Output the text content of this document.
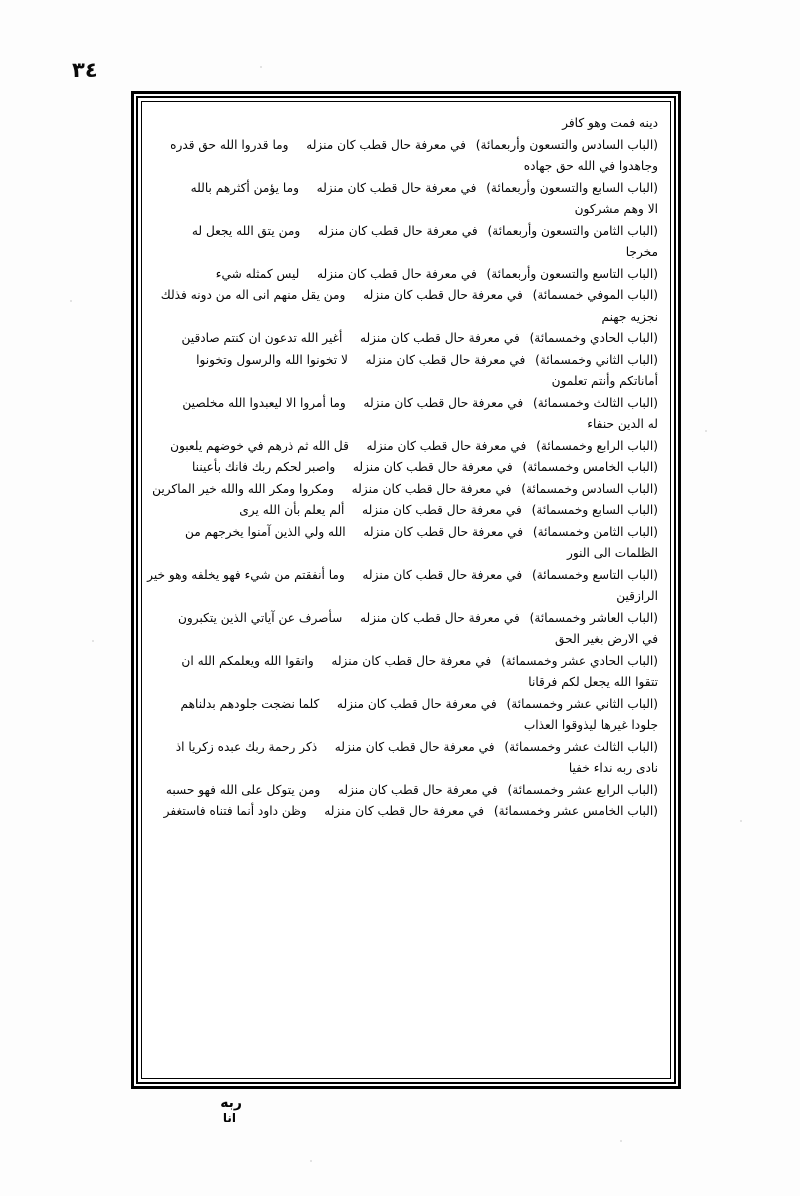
٣٤
دينه فمت وهو كافر
(الباب السادس والتسعون وأربعمائة)في معرفة حال قطب كان منزلهوما قدروا الله حق قدره
وجاهدوا في الله حق جهاده
(الباب السابع والتسعون وأربعمائة)في معرفة حال قطب كان منزلهوما يؤمن أكثرهم بالله
الا وهم مشركون
(الباب الثامن والتسعون وأربعمائة)في معرفة حال قطب كان منزلهومن يتق الله يجعل له
مخرجا
(الباب التاسع والتسعون وأربعمائة)في معرفة حال قطب كان منزلهليس كمثله شيء
(الباب الموفي خمسمائة)في معرفة حال قطب كان منزلهومن يقل منهم انى اله من دونه فذلك
نجزيه جهنم
(الباب الحادي وخمسمائة)في معرفة حال قطب كان منزلهأغير الله تدعون ان كنتم صادقين
(الباب الثاني وخمسمائة)في معرفة حال قطب كان منزلهلا تخونوا الله والرسول وتخونوا
أماناتكم وأنتم تعلمون
(الباب الثالث وخمسمائة)في معرفة حال قطب كان منزلهوما أمروا الا ليعبدوا الله مخلصين
له الدين حنفاء
(الباب الرابع وخمسمائة)في معرفة حال قطب كان منزلهقل الله ثم ذرهم في خوضهم يلعبون
(الباب الخامس وخمسمائة)في معرفة حال قطب كان منزلهواصبر لحكم ربك فانك بأعيننا
(الباب السادس وخمسمائة)في معرفة حال قطب كان منزلهومكروا ومكر الله والله خير الماكرين
(الباب السابع وخمسمائة)في معرفة حال قطب كان منزلهألم يعلم بأن الله يرى
(الباب الثامن وخمسمائة)في معرفة حال قطب كان منزلهالله ولي الذين آمنوا يخرجهم من
الظلمات الى النور
(الباب التاسع وخمسمائة)في معرفة حال قطب كان منزلهوما أنفقتم من شيء فهو يخلفه وهو خير
الرازقين
(الباب العاشر وخمسمائة)في معرفة حال قطب كان منزلهسأصرف عن آياتي الذين يتكبرون
في الارض بغير الحق
(الباب الحادي عشر وخمسمائة)في معرفة حال قطب كان منزلهواتقوا الله ويعلمكم الله ان
تتقوا الله يجعل لكم فرقانا
(الباب الثاني عشر وخمسمائة)في معرفة حال قطب كان منزلهكلما نضجت جلودهم بدلناهم
جلودا غيرها ليذوقوا العذاب
(الباب الثالث عشر وخمسمائة)في معرفة حال قطب كان منزلهذكر رحمة ربك عبده زكريا اذ
نادى ربه نداء خفيا
(الباب الرابع عشر وخمسمائة)في معرفة حال قطب كان منزلهومن يتوكل على الله فهو حسبه
(الباب الخامس عشر وخمسمائة)في معرفة حال قطب كان منزلهوظن داود أنما فتناه فاستغفر
ربه
انا
